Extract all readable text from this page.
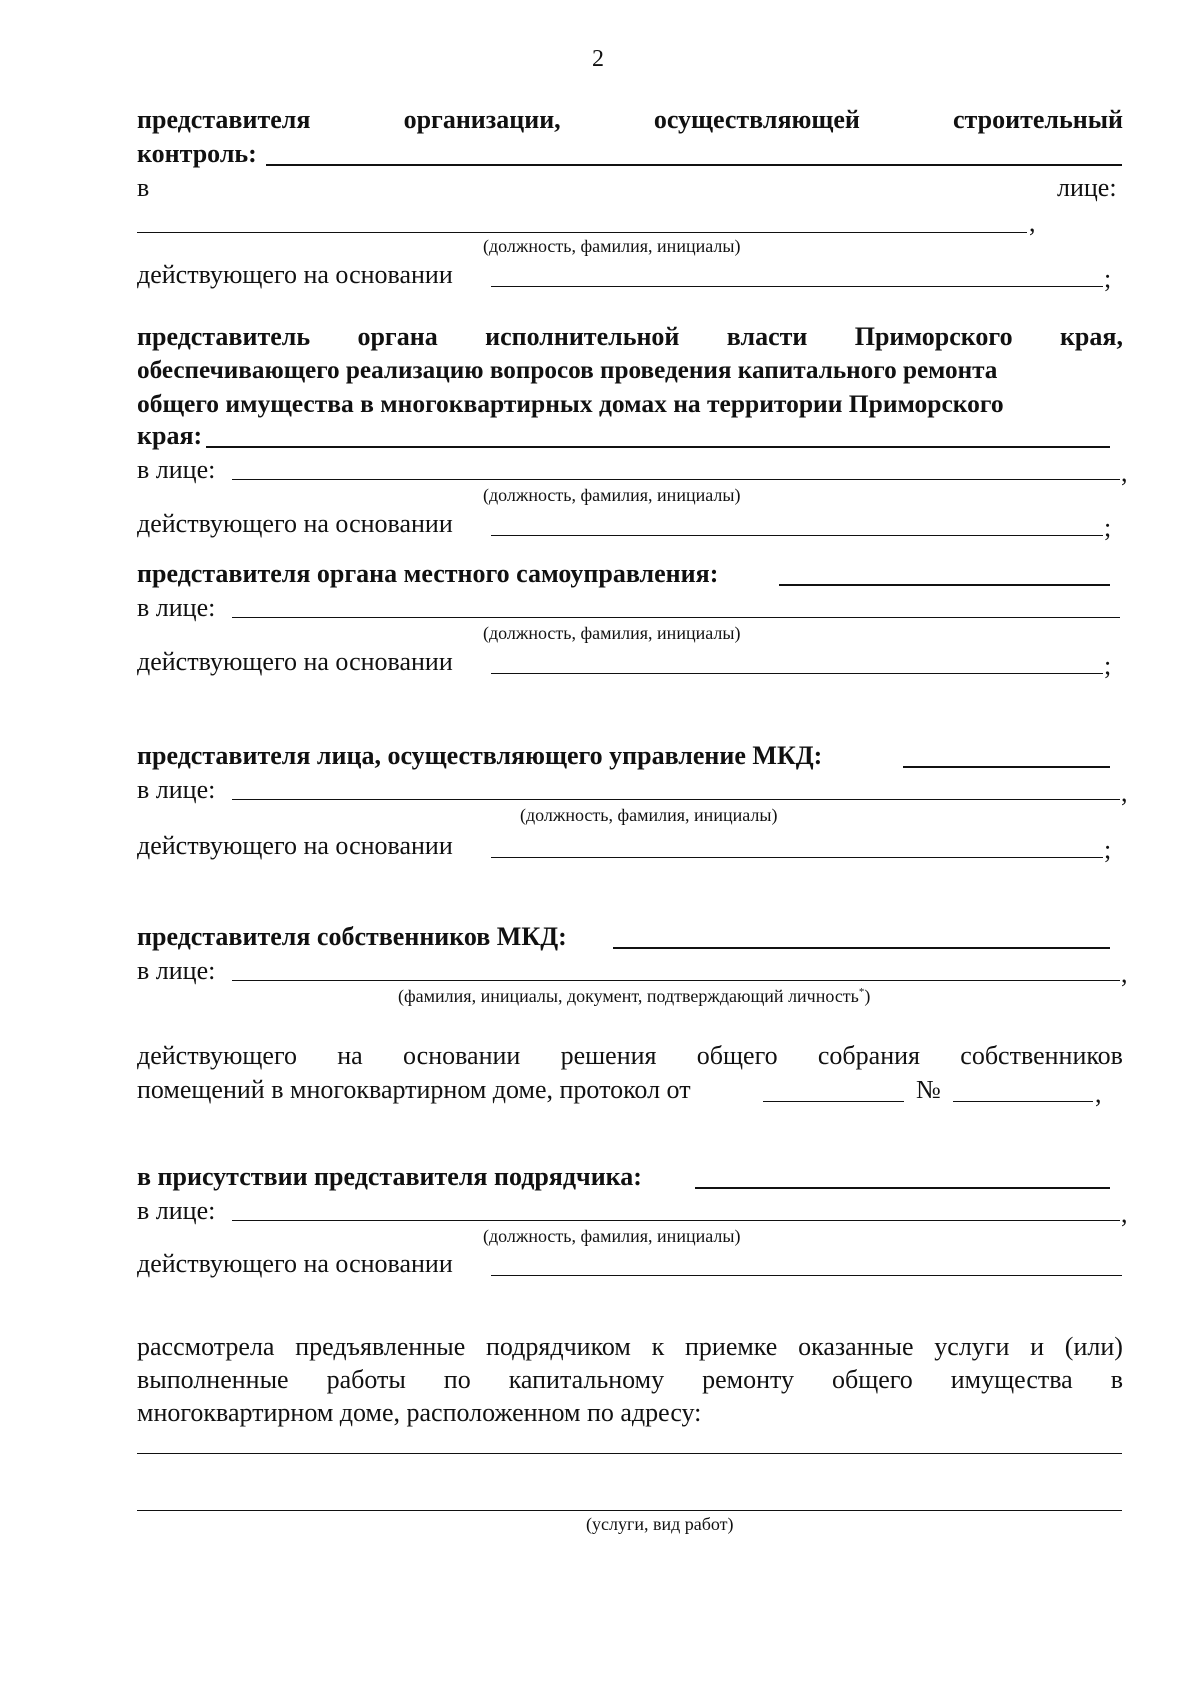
2
представителя	организации,	осуществляющей	строительный
контроль:
в	лице:
,
(должность, фамилия, инициалы)
действующего на основании	;
представитель органа исполнительной власти Приморского края,
обеспечивающего реализацию вопросов проведения капитального ремонта
общего имущества в многоквартирных домах на территории Приморского
края:
в лице:	,
(должность, фамилия, инициалы)
действующего на основании	;
представителя органа местного самоуправления:
в лице:
(должность, фамилия, инициалы)
действующего на основании	;
представителя лица, осуществляющего управление МКД:
в лице:	,
(должность, фамилия, инициалы)
действующего на основании	;
представителя собственников МКД:
в лице:	,
(фамилия, инициалы, документ, подтверждающий личность*)
действующего на основании решения общего собрания собственников
помещений в многоквартирном доме, протокол от	№	,
в присутствии представителя подрядчика:
в лице:	,
(должность, фамилия, инициалы)
действующего на основании
рассмотрела предъявленные подрядчиком к приемке оказанные услуги и (или)
выполненные работы по капитальному ремонту общего имущества в
многоквартирном доме, расположенном по адресу:
(услуги, вид работ)
